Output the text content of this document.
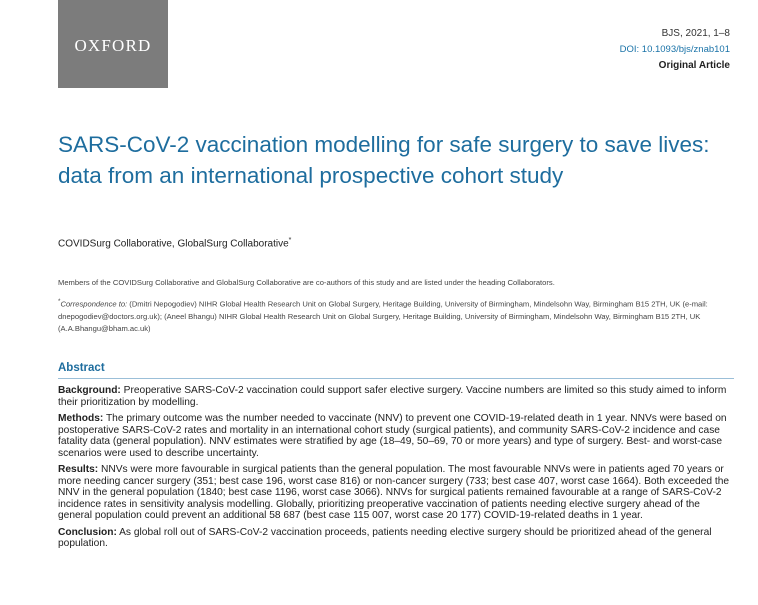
OXFORD
BJS, 2021, 1–8
DOI: 10.1093/bjs/znab101
Original Article
SARS-CoV-2 vaccination modelling for safe surgery to save lives: data from an international prospective cohort study
COVIDSurg Collaborative, GlobalSurg Collaborative*
Members of the COVIDSurg Collaborative and GlobalSurg Collaborative are co-authors of this study and are listed under the heading Collaborators.
*Correspondence to: (Dmitri Nepogodiev) NIHR Global Health Research Unit on Global Surgery, Heritage Building, University of Birmingham, Mindelsohn Way, Birmingham B15 2TH, UK (e-mail: dnepogodiev@doctors.org.uk); (Aneel Bhangu) NIHR Global Health Research Unit on Global Surgery, Heritage Building, University of Birmingham, Mindelsohn Way, Birmingham B15 2TH, UK (A.A.Bhangu@bham.ac.uk)
Abstract

Background: Preoperative SARS-CoV-2 vaccination could support safer elective surgery. Vaccine numbers are limited so this study aimed to inform their prioritization by modelling.

Methods: The primary outcome was the number needed to vaccinate (NNV) to prevent one COVID-19-related death in 1 year. NNVs were based on postoperative SARS-CoV-2 rates and mortality in an international cohort study (surgical patients), and community SARS-CoV-2 incidence and case fatality data (general population). NNV estimates were stratified by age (18–49, 50–69, 70 or more years) and type of surgery. Best- and worst-case scenarios were used to describe uncertainty.

Results: NNVs were more favourable in surgical patients than the general population. The most favourable NNVs were in patients aged 70 years or more needing cancer surgery (351; best case 196, worst case 816) or non-cancer surgery (733; best case 407, worst case 1664). Both exceeded the NNV in the general population (1840; best case 1196, worst case 3066). NNVs for surgical patients remained favourable at a range of SARS-CoV-2 incidence rates in sensitivity analysis modelling. Globally, prioritizing preoperative vaccination of patients needing elective surgery ahead of the general population could prevent an additional 58 687 (best case 115 007, worst case 20 177) COVID-19-related deaths in 1 year.

Conclusion: As global roll out of SARS-CoV-2 vaccination proceeds, patients needing elective surgery should be prioritized ahead of the general population.
